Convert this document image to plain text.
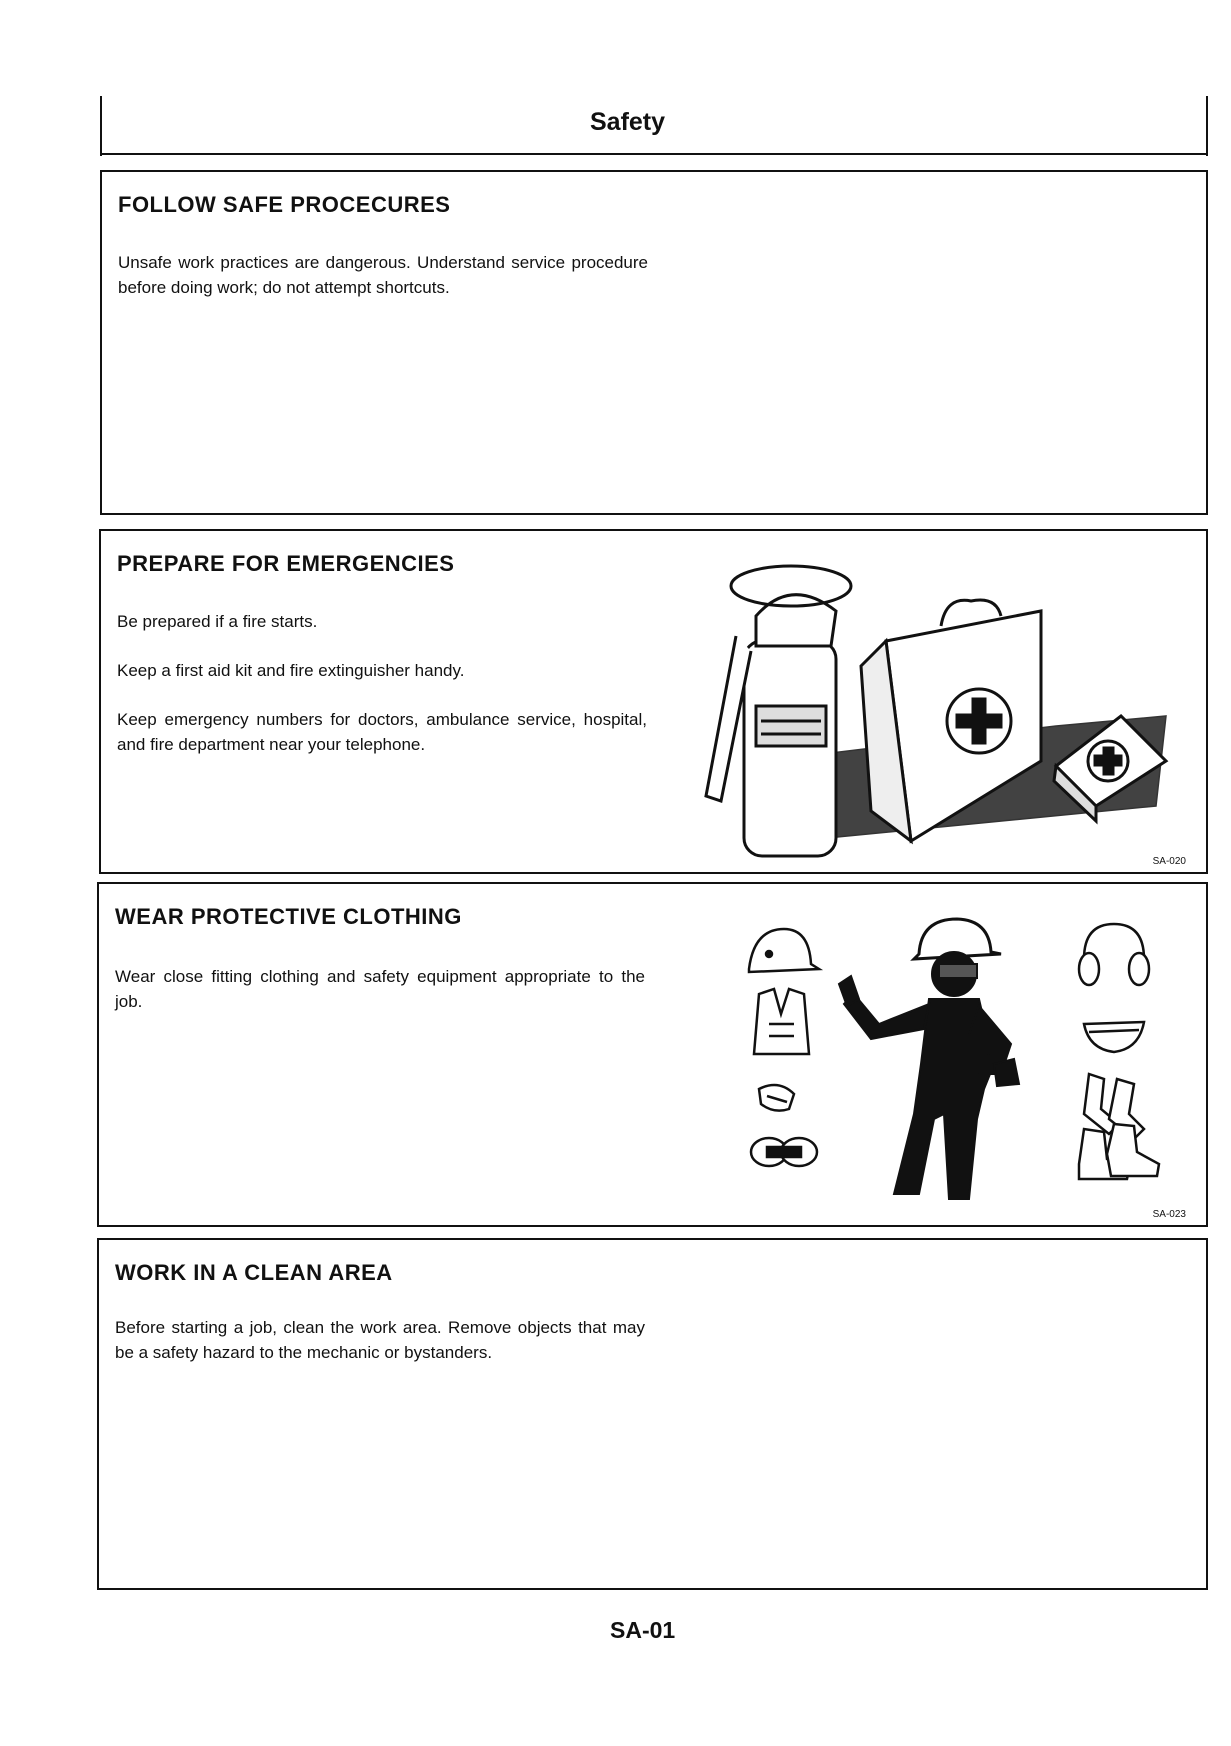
Safety
FOLLOW SAFE PROCECURES

Unsafe work practices are dangerous. Understand service procedure before doing work; do not attempt shortcuts.

PREPARE FOR EMERGENCIES

Be prepared if a fire starts.

Keep a first aid kit and fire extinguisher handy.

Keep emergency numbers for doctors, ambulance service, hospital, and fire department near your telephone.

SA-020
WEAR PROTECTIVE CLOTHING

Wear close fitting clothing and safety equipment appropriate to the job.

SA-023
WORK IN A CLEAN AREA

Before starting a job, clean the work area. Remove objects that may be a safety hazard to the mechanic or bystanders.

SA-01
